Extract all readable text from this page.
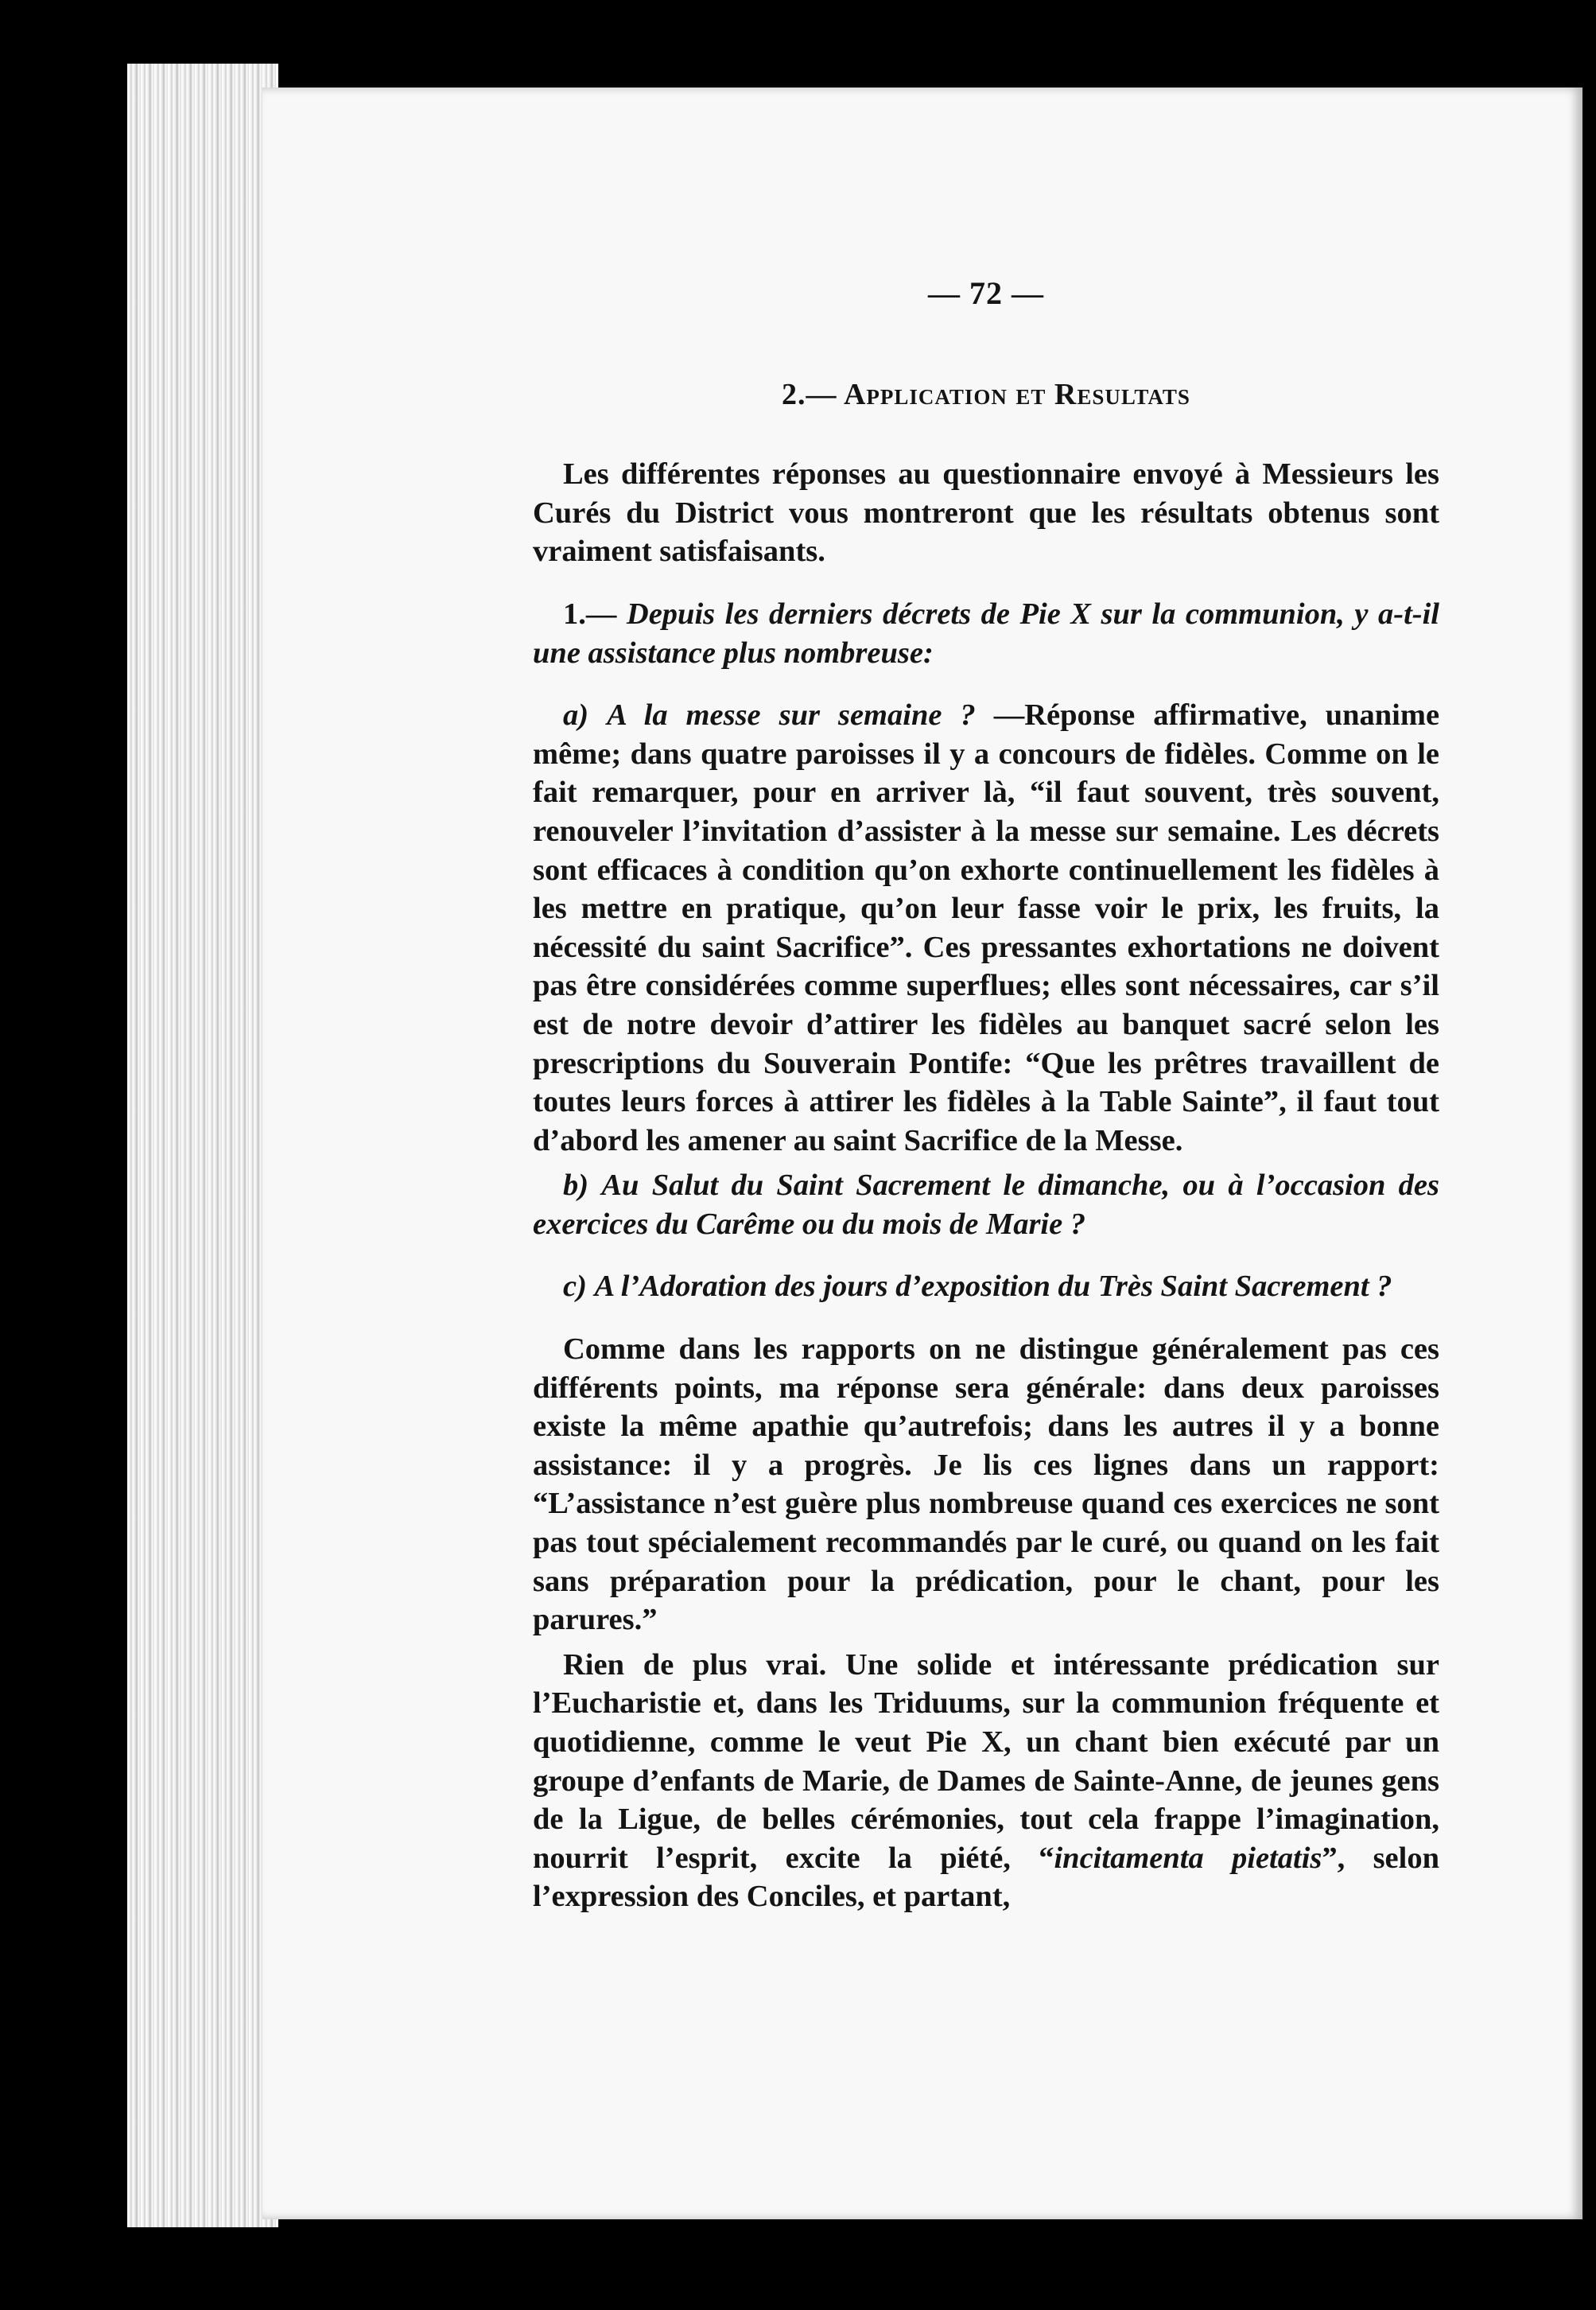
— 72 —
2.— Application et Resultats

Les différentes réponses au questionnaire envoyé à Messieurs les Curés du District vous montreront que les résultats obtenus sont vraiment satisfaisants.

1.— Depuis les derniers décrets de Pie X sur la communion, y a-t-il une assistance plus nombreuse:

a) A la messe sur semaine ? —Réponse affirmative, unanime même; dans quatre paroisses il y a concours de fidèles. Comme on le fait remarquer, pour en arriver là, “il faut souvent, très souvent, renouveler l’invitation d’assister à la messe sur semaine. Les décrets sont efficaces à condition qu’on exhorte continuellement les fidèles à les mettre en pratique, qu’on leur fasse voir le prix, les fruits, la nécessité du saint Sacrifice”. Ces pressantes exhortations ne doivent pas être considérées comme superflues; elles sont nécessaires, car s’il est de notre devoir d’attirer les fidèles au banquet sacré selon les prescriptions du Souverain Pontife: “Que les prêtres travaillent de toutes leurs forces à attirer les fidèles à la Table Sainte”, il faut tout d’abord les amener au saint Sacrifice de la Messe.

b) Au Salut du Saint Sacrement le dimanche, ou à l’occasion des exercices du Carême ou du mois de Marie ?

c) A l’Adoration des jours d’exposition du Très Saint Sacrement ?

Comme dans les rapports on ne distingue généralement pas ces différents points, ma réponse sera générale: dans deux paroisses existe la même apathie qu’autrefois; dans les autres il y a bonne assistance: il y a progrès. Je lis ces lignes dans un rapport: “L’assistance n’est guère plus nombreuse quand ces exercices ne sont pas tout spécialement recommandés par le curé, ou quand on les fait sans préparation pour la prédication, pour le chant, pour les parures.”

Rien de plus vrai. Une solide et intéressante prédication sur l’Eucharistie et, dans les Triduums, sur la communion fréquente et quotidienne, comme le veut Pie X, un chant bien exécuté par un groupe d’enfants de Marie, de Dames de Sainte-Anne, de jeunes gens de la Ligue, de belles cérémonies, tout cela frappe l’imagination, nourrit l’esprit, excite la piété, “incitamenta pietatis”, selon l’expression des Conciles, et partant,
